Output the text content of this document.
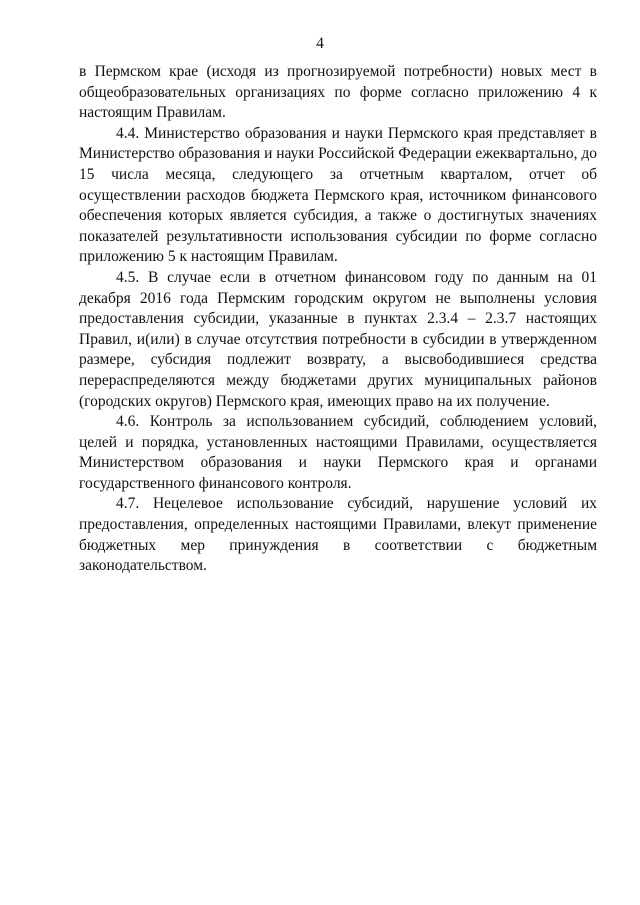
4

в Пермском крае (исходя из прогнозируемой потребности) новых мест в общеобразовательных организациях по форме согласно приложению 4 к настоящим Правилам.

4.4. Министерство образования и науки Пермского края представляет в Министерство образования и науки Российской Федерации ежеквартально, до 15 числа месяца, следующего за отчетным кварталом, отчет об осуществлении расходов бюджета Пермского края, источником финансового обеспечения которых является субсидия, а также о достигнутых значениях показателей результативности использования субсидии по форме согласно приложению 5 к настоящим Правилам.

4.5. В случае если в отчетном финансовом году по данным на 01 декабря 2016 года Пермским городским округом не выполнены условия предоставления субсидии, указанные в пунктах 2.3.4 – 2.3.7 настоящих Правил, и(или) в случае отсутствия потребности в субсидии в утвержденном размере, субсидия подлежит возврату, а высвободившиеся средства перераспределяются между бюджетами других муниципальных районов (городских округов) Пермского края, имеющих право на их получение.

4.6. Контроль за использованием субсидий, соблюдением условий, целей и порядка, установленных настоящими Правилами, осуществляется Министерством образования и науки Пермского края и органами государственного финансового контроля.

4.7. Нецелевое использование субсидий, нарушение условий их предоставления, определенных настоящими Правилами, влекут применение бюджетных мер принуждения в соответствии с бюджетным законодательством.
